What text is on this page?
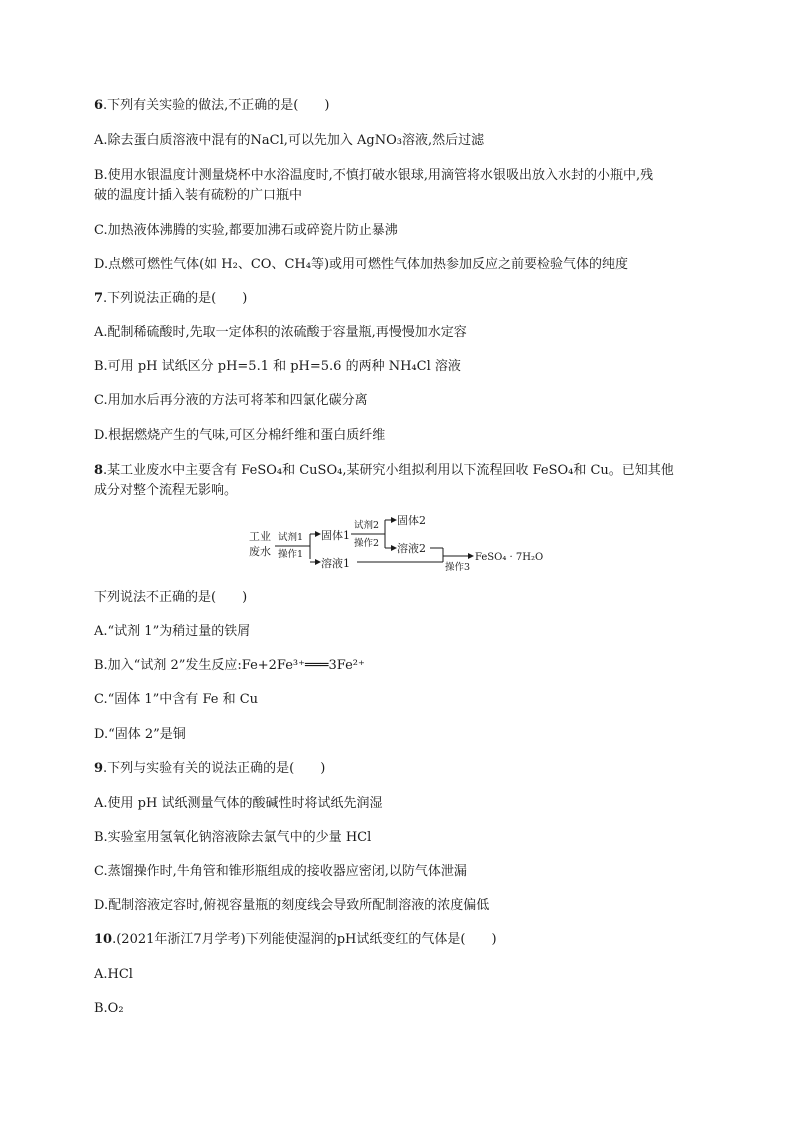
6.下列有关实验的做法,不正确的是(　　)
A.除去蛋白质溶液中混有的NaCl,可以先加入 AgNO₃溶液,然后过滤
B.使用水银温度计测量烧杯中水浴温度时,不慎打破水银球,用滴管将水银吸出放入水封的小瓶中,残
破的温度计插入装有硫粉的广口瓶中
C.加热液体沸腾的实验,都要加沸石或碎瓷片防止暴沸
D.点燃可燃性气体(如 H₂、CO、CH₄等)或用可燃性气体加热参加反应之前要检验气体的纯度
7.下列说法正确的是(　　)
A.配制稀硫酸时,先取一定体积的浓硫酸于容量瓶,再慢慢加水定容
B.可用 pH 试纸区分 pH=5.1 和 pH=5.6 的两种 NH₄Cl 溶液
C.用加水后再分液的方法可将苯和四氯化碳分离
D.根据燃烧产生的气味,可区分棉纤维和蛋白质纤维
8.某工业废水中主要含有 FeSO₄和 CuSO₄,某研究小组拟利用以下流程回收 FeSO₄和 Cu。已知其他
成分对整个流程无影响。
工业
废水
试剂1
操作1
固体1
溶液1
试剂2
操作2
固体2
溶液2
操作3
FeSO₄ · 7H₂O
下列说法不正确的是(　　)
A.“试剂 1”为稍过量的铁屑
B.加入“试剂 2”发生反应:Fe+2Fe³⁺═══3Fe²⁺
C.“固体 1”中含有 Fe 和 Cu
D.“固体 2”是铜
9.下列与实验有关的说法正确的是(　　)
A.使用 pH 试纸测量气体的酸碱性时将试纸先润湿
B.实验室用氢氧化钠溶液除去氯气中的少量 HCl
C.蒸馏操作时,牛角管和锥形瓶组成的接收器应密闭,以防气体泄漏
D.配制溶液定容时,俯视容量瓶的刻度线会导致所配制溶液的浓度偏低
10.(2021年浙江7月学考)下列能使湿润的pH试纸变红的气体是(　　)
A.HCl
B.O₂
